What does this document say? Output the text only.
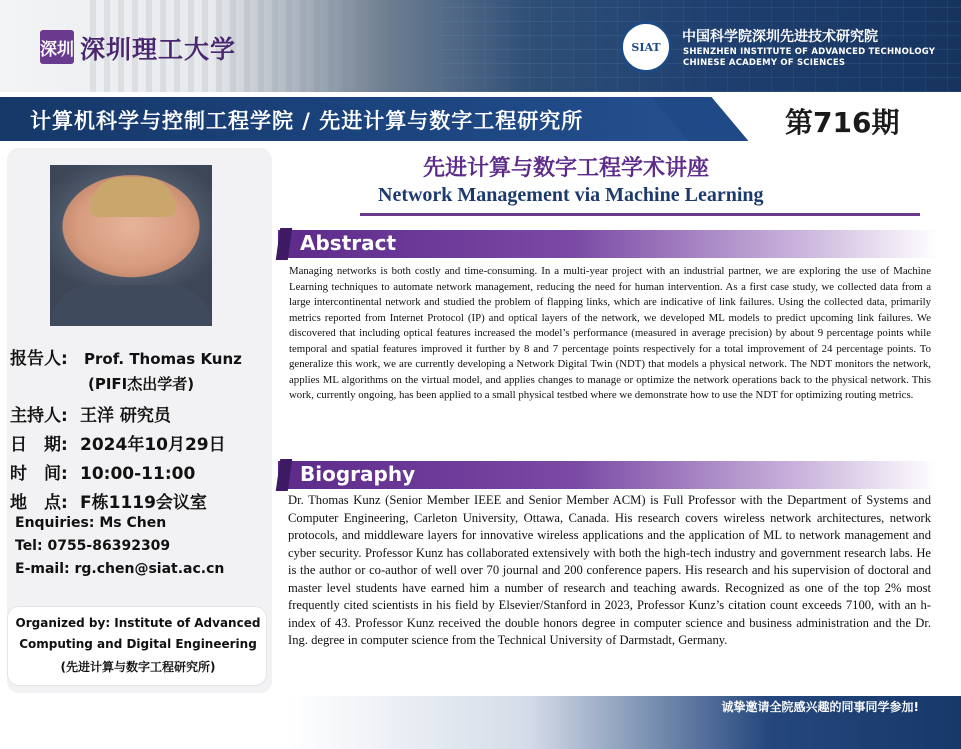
深圳 深圳理工大学	SIAT
中国科学院深圳先进技术研究院
SHENZHEN INSTITUTE OF ADVANCED TECHNOLOGY
CHINESE ACADEMY OF SCIENCES
计算机科学与控制工程学院 / 先进计算与数字工程研究所	第716期
报告人: Prof. Thomas Kunz
(PIFI杰出学者)
主持人: 王洋 研究员
日　期: 2024年10月29日
时　间: 10:00-11:00
地　点: F栋1119会议室
Enquiries: Ms Chen
Tel: 0755-86392309
E-mail: rg.chen@siat.ac.cn
Organized by: Institute of Advanced
Computing and Digital Engineering
(先进计算与数字工程研究所)
先进计算与数字工程学术讲座
Network Management via Machine Learning
Abstract
Managing networks is both costly and time-consuming. In a multi-year project with an industrial partner, we are exploring the use of Machine Learning techniques to automate network management, reducing the need for human intervention. As a first case study, we collected data from a large intercontinental network and studied the problem of flapping links, which are indicative of link failures. Using the collected data, primarily metrics reported from Internet Protocol (IP) and optical layers of the network, we developed ML models to predict upcoming link failures. We discovered that including optical features increased the model’s performance (measured in average precision) by about 9 percentage points while temporal and spatial features improved it further by 8 and 7 percentage points respectively for a total improvement of 24 percentage points. To generalize this work, we are currently developing a Network Digital Twin (NDT) that models a physical network. The NDT monitors the network, applies ML algorithms on the virtual model, and applies changes to manage or optimize the network operations back to the physical network. This work, currently ongoing, has been applied to a small physical testbed where we demonstrate how to use the NDT for optimizing routing metrics.
Biography
Dr. Thomas Kunz (Senior Member IEEE and Senior Member ACM) is Full Professor with the Department of Systems and Computer Engineering, Carleton University, Ottawa, Canada. His research covers wireless network architectures, network protocols, and middleware layers for innovative wireless applications and the application of ML to network management and cyber security. Professor Kunz has collaborated extensively with both the high-tech industry and government research labs. He is the author or co-author of well over 70 journal and 200 conference papers. His research and his supervision of doctoral and master level students have earned him a number of research and teaching awards. Recognized as one of the top 2% most frequently cited scientists in his field by Elsevier/Stanford in 2023, Professor Kunz’s citation count exceeds 7100, with an h-index of 43. Professor Kunz received the double honors degree in computer science and business administration and the Dr. Ing. degree in computer science from the Technical University of Darmstadt, Germany.
诚挚邀请全院感兴趣的同事同学参加!
